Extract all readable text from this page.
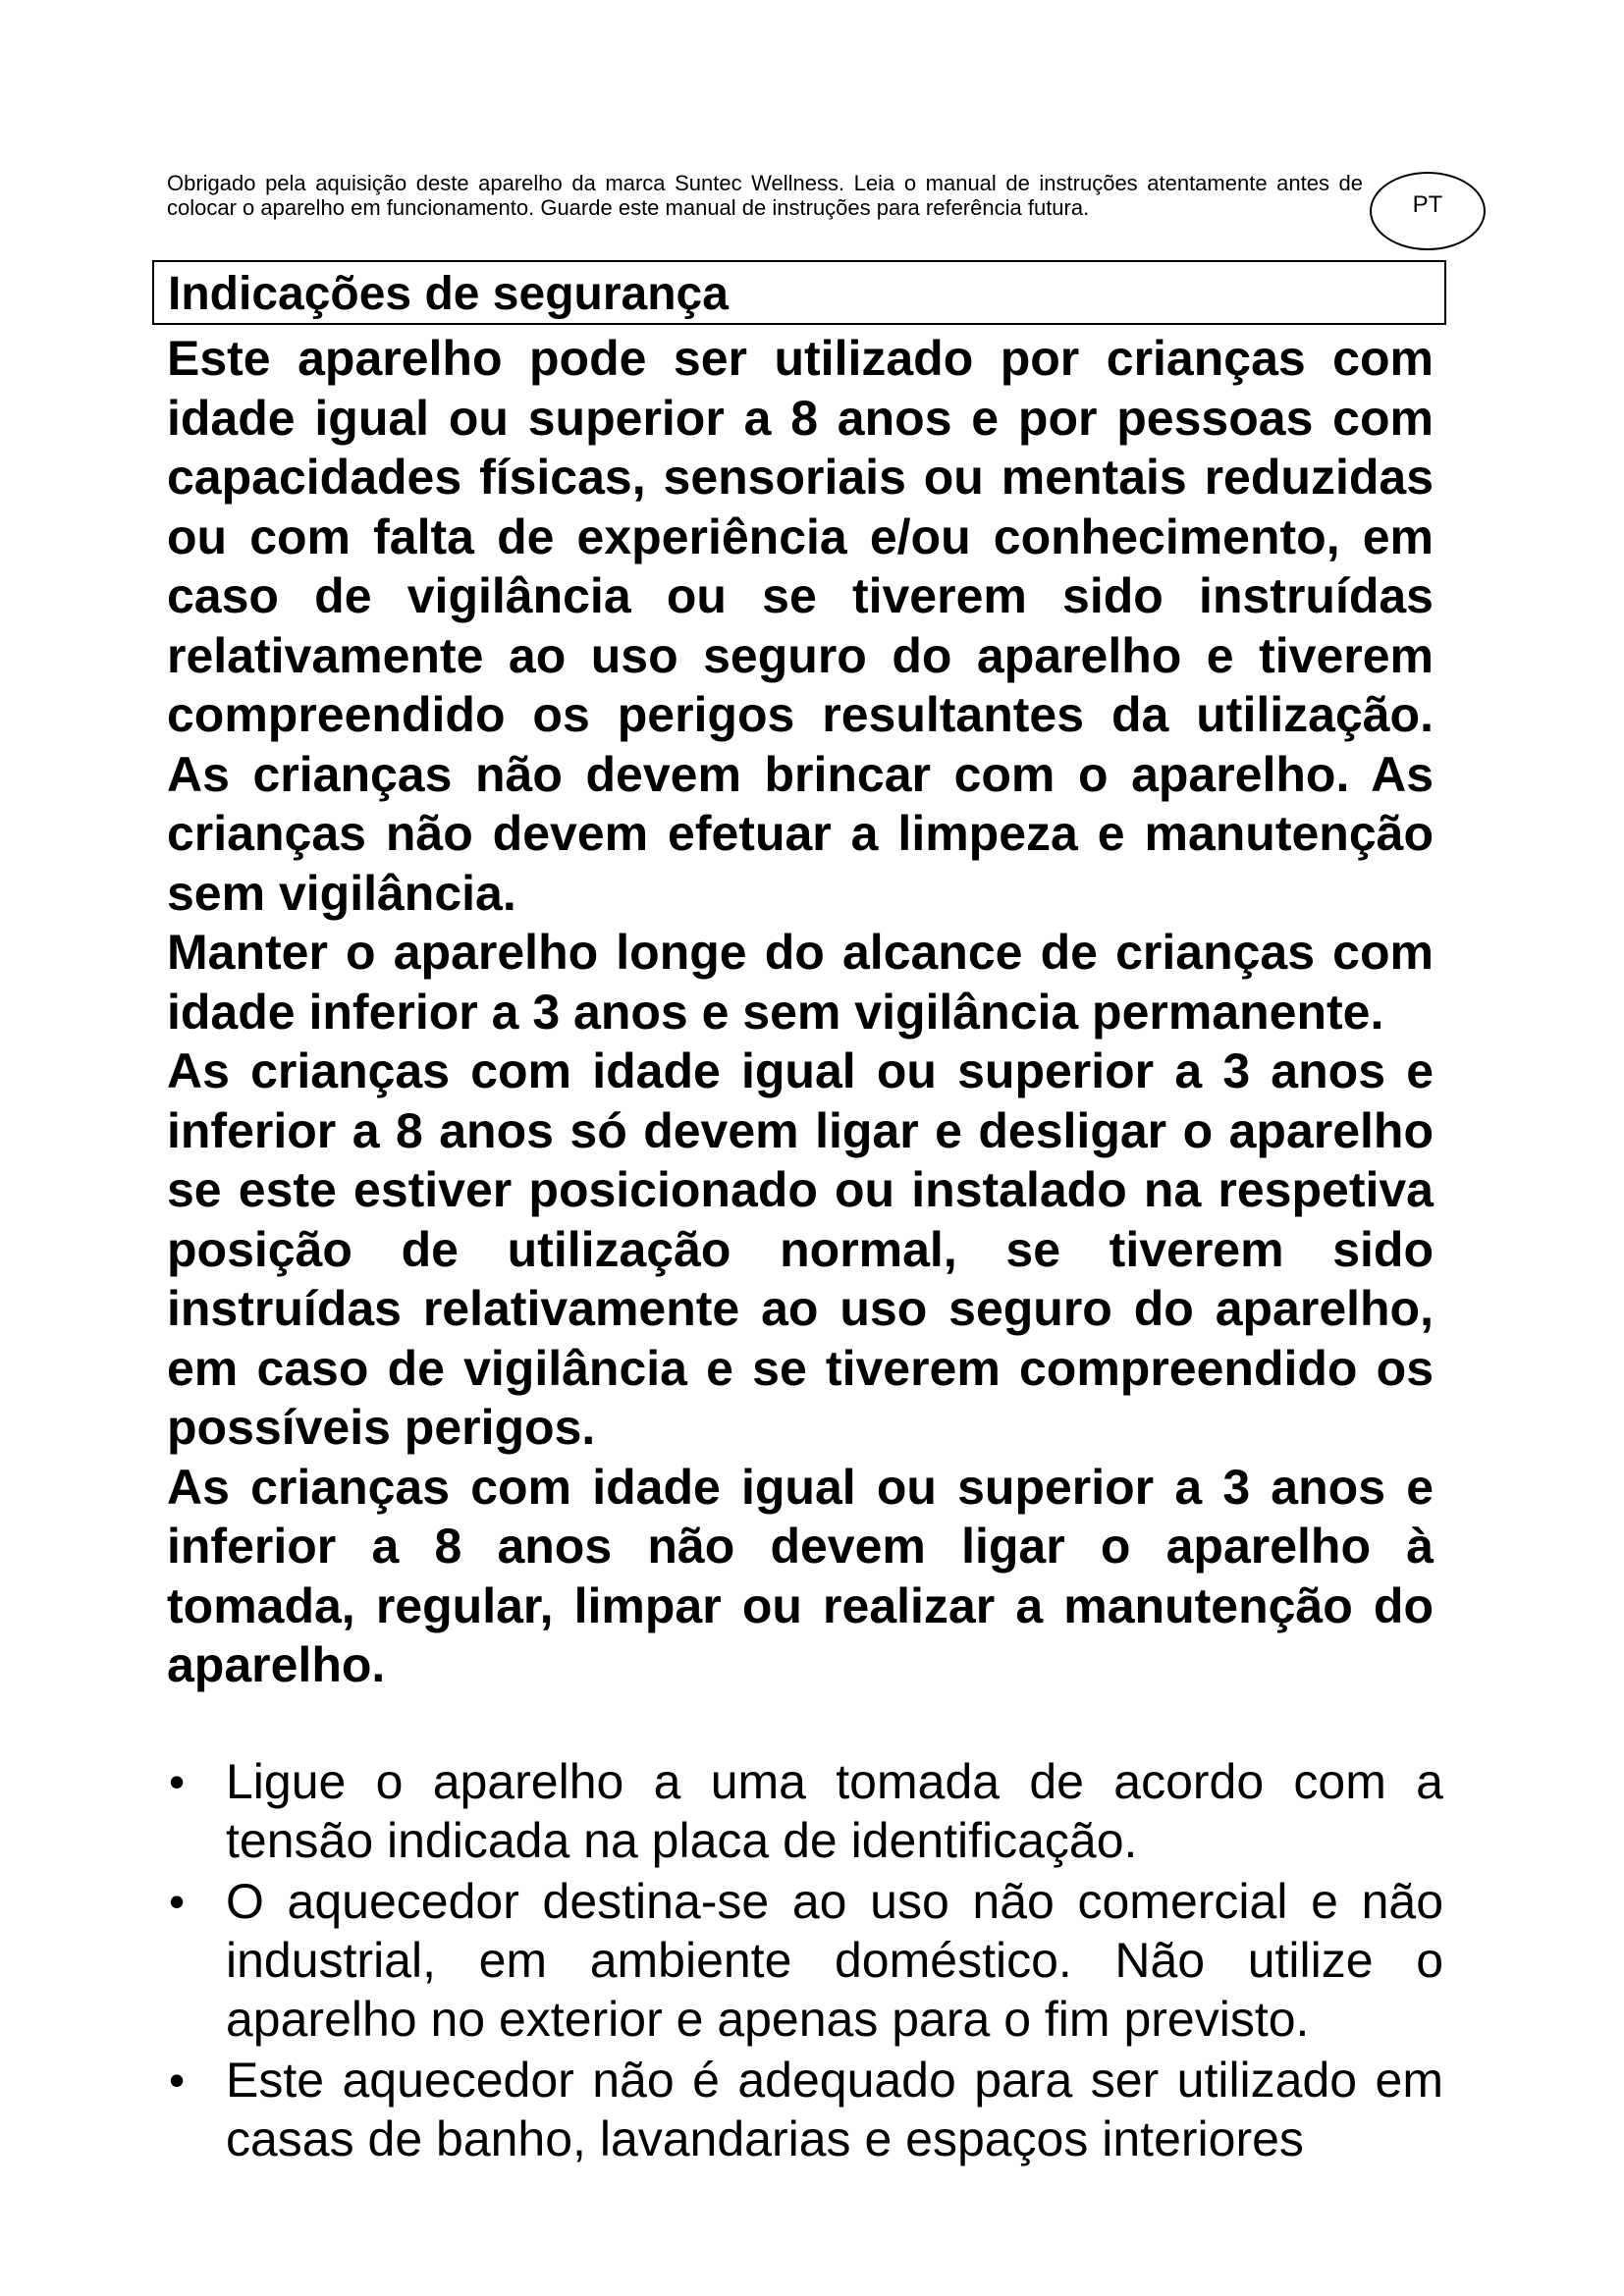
Obrigado pela aquisição deste aparelho da marca Suntec Wellness. Leia o manual de instruções atentamente antes de colocar o aparelho em funcionamento. Guarde este manual de instruções para referência futura.	PT
Indicações de segurança

Este aparelho pode ser utilizado por crianças com idade igual ou superior a 8 anos e por pessoas com capacidades físicas, sensoriais ou mentais reduzidas ou com falta de experiência e/ou conhecimento, em caso de vigilância ou se tiverem sido instruídas relativamente ao uso seguro do aparelho e tiverem compreendido os perigos resultantes da utilização. As crianças não devem brincar com o aparelho. As crianças não devem efetuar a limpeza e manutenção sem vigilância.

Manter o aparelho longe do alcance de crianças com idade inferior a 3 anos e sem vigilância permanente.

As crianças com idade igual ou superior a 3 anos e inferior a 8 anos só devem ligar e desligar o aparelho se este estiver posicionado ou instalado na respetiva posição de utilização normal, se tiverem sido instruídas relativamente ao uso seguro do aparelho, em caso de vigilância e se tiverem compreendido os possíveis perigos.

As crianças com idade igual ou superior a 3 anos e inferior a 8 anos não devem ligar o aparelho à tomada, regular, limpar ou realizar a manutenção do aparelho.

• Ligue o aparelho a uma tomada de acordo com a tensão indicada na placa de identificação.
• O aquecedor destina-se ao uso não comercial e não industrial, em ambiente doméstico. Não utilize o aparelho no exterior e apenas para o fim previsto.
• Este aquecedor não é adequado para ser utilizado em casas de banho, lavandarias e espaços interiores
